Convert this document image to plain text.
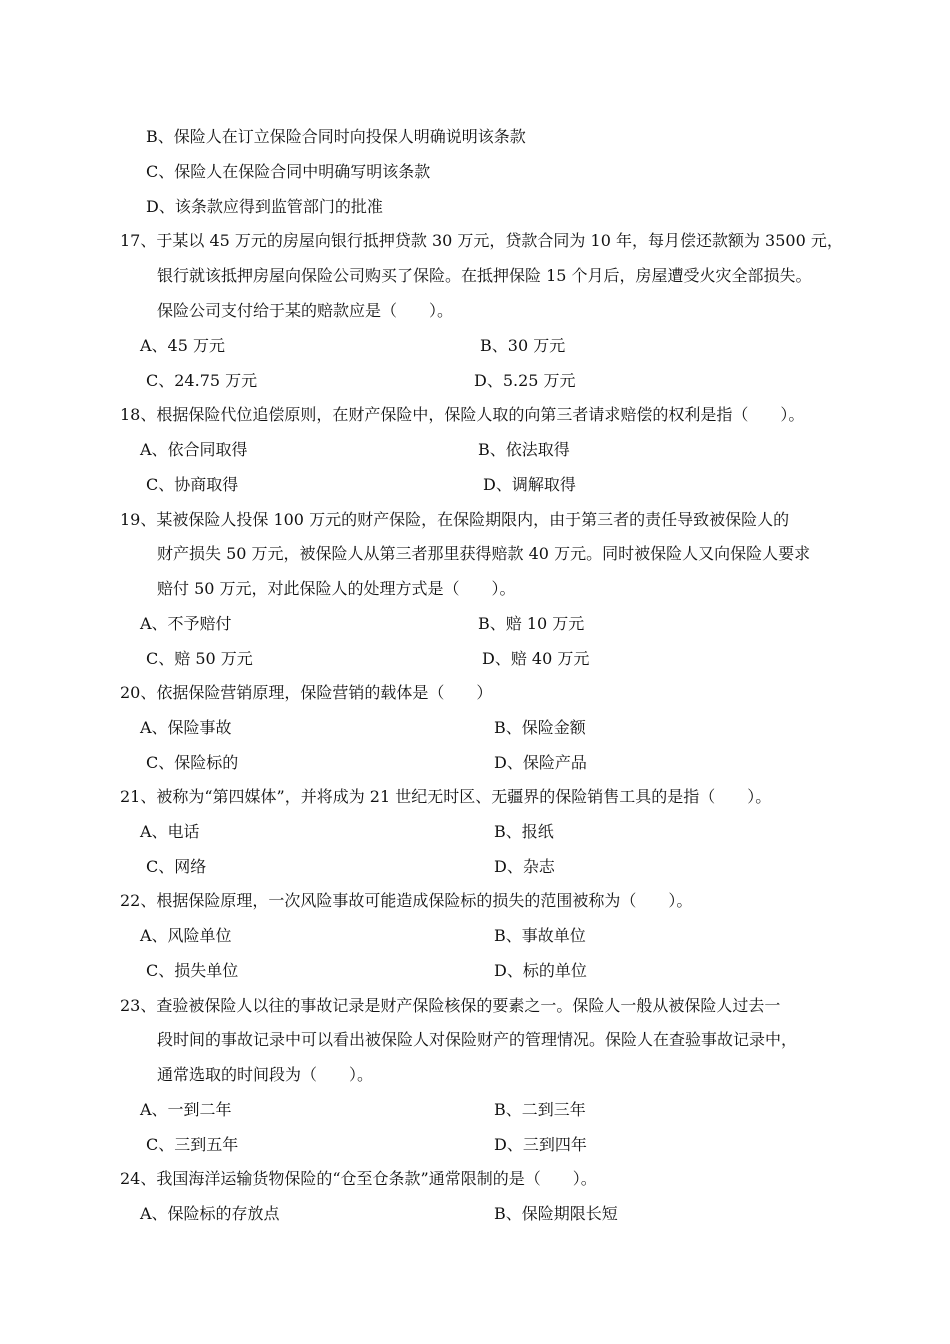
B、保险人在订立保险合同时向投保人明确说明该条款
C、保险人在保险合同中明确写明该条款
D、该条款应得到监管部门的批准
17、于某以 45 万元的房屋向银行抵押贷款 30 万元，贷款合同为 10 年，每月偿还款额为 3500 元，
银行就该抵押房屋向保险公司购买了保险。在抵押保险 15 个月后，房屋遭受火灾全部损失。
保险公司支付给于某的赔款应是（　　）。
A、45 万元	B、30 万元
C、24.75 万元	D、5.25 万元
18、根据保险代位追偿原则，在财产保险中，保险人取的向第三者请求赔偿的权利是指（　　）。
A、依合同取得	B、依法取得
C、协商取得	D、调解取得
19、某被保险人投保 100 万元的财产保险，在保险期限内，由于第三者的责任导致被保险人的
财产损失 50 万元，被保险人从第三者那里获得赔款 40 万元。同时被保险人又向保险人要求
赔付 50 万元，对此保险人的处理方式是（　　）。
A、不予赔付	B、赔 10 万元
C、赔 50 万元	D、赔 40 万元
20、依据保险营销原理，保险营销的载体是（　　）
A、保险事故	B、保险金额
C、保险标的	D、保险产品
21、被称为“第四媒体”，并将成为 21 世纪无时区、无疆界的保险销售工具的是指（　　）。
A、电话	B、报纸
C、网络	D、杂志
22、根据保险原理，一次风险事故可能造成保险标的损失的范围被称为（　　）。
A、风险单位	B、事故单位
C、损失单位	D、标的单位
23、查验被保险人以往的事故记录是财产保险核保的要素之一。保险人一般从被保险人过去一
段时间的事故记录中可以看出被保险人对保险财产的管理情况。保险人在查验事故记录中，
通常选取的时间段为（　　）。
A、一到二年	B、二到三年
C、三到五年	D、三到四年
24、我国海洋运输货物保险的“仓至仓条款”通常限制的是（　　）。
A、保险标的存放点	B、保险期限长短
